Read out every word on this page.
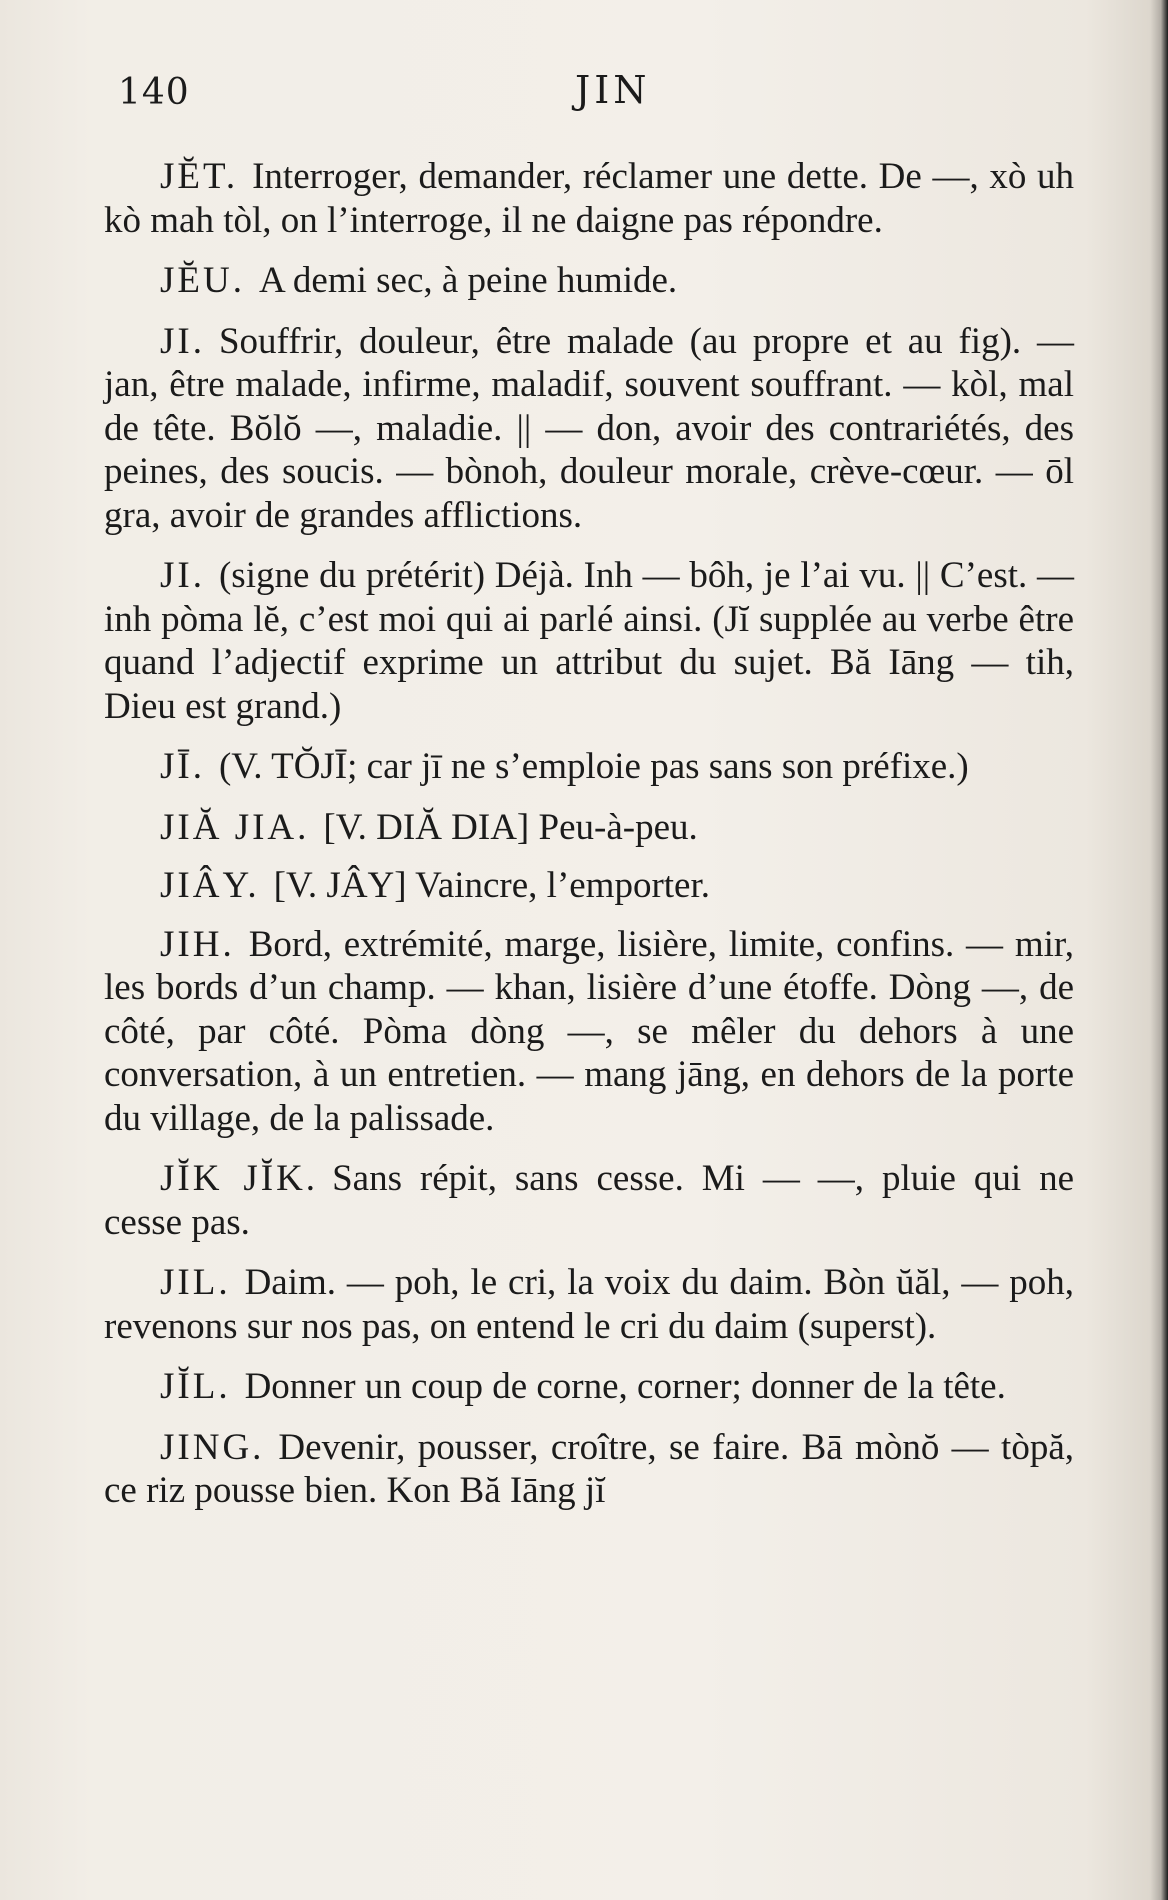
140	JIN

JĔT. Interroger, demander, réclamer une dette. De —, xò uh kò mah tòl, on l’interroge, il ne daigne pas répondre.

JĔU. A demi sec, à peine humide.

JI. Souffrir, douleur, être malade (au propre et au fig). — jan, être malade, infirme, maladif, souvent souffrant. — kòl, mal de tête. Bŏlŏ —, maladie. || — don, avoir des contrariétés, des peines, des soucis. — bònoh, douleur morale, crève-cœur. — ōl gra, avoir de grandes afflictions.

JI. (signe du prétérit) Déjà. Inh — bôh, je l’ai vu. || C’est. — inh pòma lĕ, c’est moi qui ai parlé ainsi. (Jĭ supplée au verbe être quand l’adjectif exprime un attribut du sujet. Bă Iāng — tih, Dieu est grand.)

JĪ. (V. TŎJĪ; car jī ne s’emploie pas sans son préfixe.)

JIĂ JIA. [V. DIĂ DIA] Peu-à-peu.

JIÂY. [V. JÂY] Vaincre, l’emporter.

JIH. Bord, extrémité, marge, lisière, limite, confins. — mir, les bords d’un champ. — khan, lisière d’une étoffe. Dòng —, de côté, par côté. Pòma dòng —, se mêler du dehors à une conversation, à un entretien. — mang jāng, en dehors de la porte du village, de la palissade.

JĬK JĬK. Sans répit, sans cesse. Mi — —, pluie qui ne cesse pas.

JIL. Daim. — poh, le cri, la voix du daim. Bòn ŭăl, — poh, revenons sur nos pas, on entend le cri du daim (superst).

JĬL. Donner un coup de corne, corner; donner de la tête.

JING. Devenir, pousser, croître, se faire. Bā mònŏ — tòpă, ce riz pousse bien. Kon Bă Iāng jĭ
